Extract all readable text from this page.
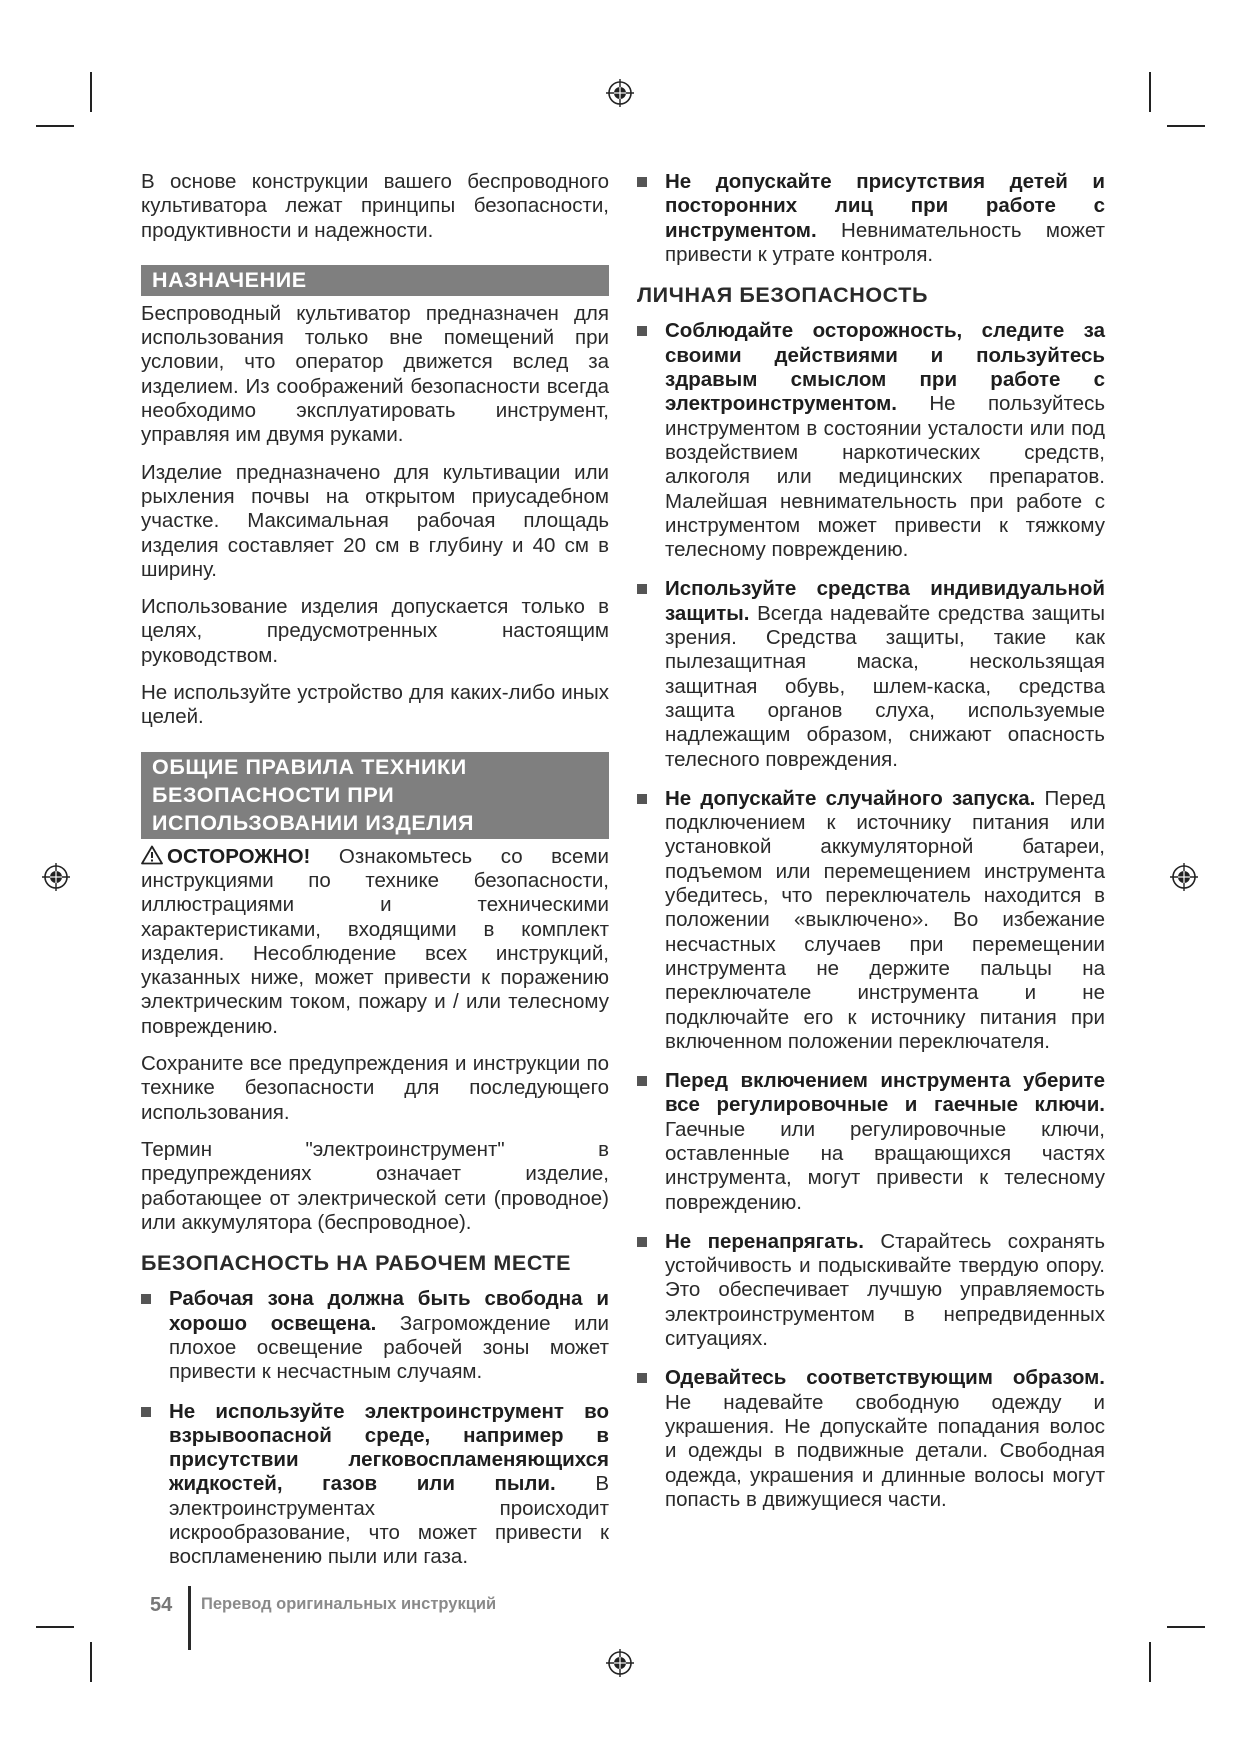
В основе конструкции вашего беспроводного культиватора лежат принципы безопасности, продуктивности и надежности.

НАЗНАЧЕНИЕ

Беспроводный культиватор предназначен для использования только вне помещений при условии, что оператор движется вслед за изделием. Из соображений безопасности всегда необходимо эксплуатировать инструмент, управляя им двумя руками.

Изделие предназначено для культивации или рыхления почвы на открытом приусадебном участке. Максимальная рабочая площадь изделия составляет 20 см в глубину и 40 см в ширину.

Использование изделия допускается только в целях, предусмотренных настоящим руководством.

Не используйте устройство для каких-либо иных целей.

ОБЩИЕ ПРАВИЛА ТЕХНИКИ
БЕЗОПАСНОСТИ ПРИ
ИСПОЛЬЗОВАНИИ ИЗДЕЛИЯ

ОСТОРОЖНО! Ознакомьтесь со всеми инструкциями по технике безопасности, иллюстрациями и техническими характеристиками, входящими в комплект изделия. Несоблюдение всех инструкций, указанных ниже, может привести к поражению электрическим током, пожару и / или телесному повреждению.

Сохраните все предупреждения и инструкции по технике безопасности для последующего использования.

Термин "электроинструмент" в предупреждениях означает изделие, работающее от электрической сети (проводное) или аккумулятора (беспроводное).

БЕЗОПАСНОСТЬ НА РАБОЧЕМ МЕСТЕ
Рабочая зона должна быть свободна и хорошо освещена. Загромождение или плохое освещение рабочей зоны может привести к несчастным случаям.
Не используйте электроинструмент во взрывоопасной среде, например в присутствии легковоспламеняющихся жидкостей, газов или пыли. В электроинструментах происходит искрообразование, что может привести к воспламенению пыли или газа.
Не допускайте присутствия детей и посторонних лиц при работе с инструментом. Невнимательность может привести к утрате контроля.
ЛИЧНАЯ БЕЗОПАСНОСТЬ
Соблюдайте осторожность, следите за своими действиями и пользуйтесь здравым смыслом при работе с электроинструментом. Не пользуйтесь инструментом в состоянии усталости или под воздействием наркотических средств, алкоголя или медицинских препаратов. Малейшая невнимательность при работе с инструментом может привести к тяжкому телесному повреждению.
Используйте средства индивидуальной защиты. Всегда надевайте средства защиты зрения. Средства защиты, такие как пылезащитная маска, нескользящая защитная обувь, шлем-каска, средства защита органов слуха, используемые надлежащим образом, снижают опасность телесного повреждения.
Не допускайте случайного запуска. Перед подключением к источнику питания или установкой аккумуляторной батареи, подъемом или перемещением инструмента убедитесь, что переключатель находится в положении «выключено». Во избежание несчастных случаев при перемещении инструмента не держите пальцы на переключателе инструмента и не подключайте его к источнику питания при включенном положении переключателя.
Перед включением инструмента уберите все регулировочные и гаечные ключи. Гаечные или регулировочные ключи, оставленные на вращающихся частях инструмента, могут привести к телесному повреждению.
Не перенапрягать. Старайтесь сохранять устойчивость и подыскивайте твердую опору. Это обеспечивает лучшую управляемость электроинструментом в непредвиденных ситуациях.
Одевайтесь соответствующим образом. Не надевайте свободную одежду и украшения. Не допускайте попадания волос и одежды в подвижные детали. Свободная одежда, украшения и длинные волосы могут попасть в движущиеся части.
54 Перевод оригинальных инструкций
